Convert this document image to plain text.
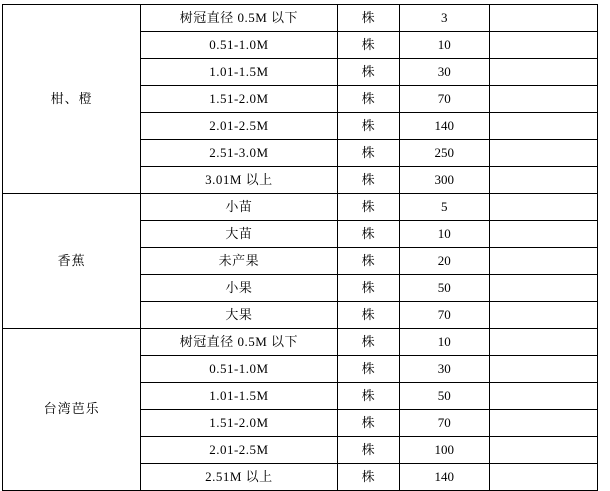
柑、橙	树冠直径 0.5M 以下	株	3	
	0.51-1.0M	株	10	
	1.01-1.5M	株	30	
	1.51-2.0M	株	70	
	2.01-2.5M	株	140	
	2.51-3.0M	株	250	
	3.01M 以上	株	300	
香蕉	小苗	株	5	
	大苗	株	10	
	未产果	株	20	
	小果	株	50	
	大果	株	70	
台湾芭乐	树冠直径 0.5M 以下	株	10	
	0.51-1.0M	株	30	
	1.01-1.5M	株	50	
	1.51-2.0M	株	70	
	2.01-2.5M	株	100	
	2.51M 以上	株	140	
